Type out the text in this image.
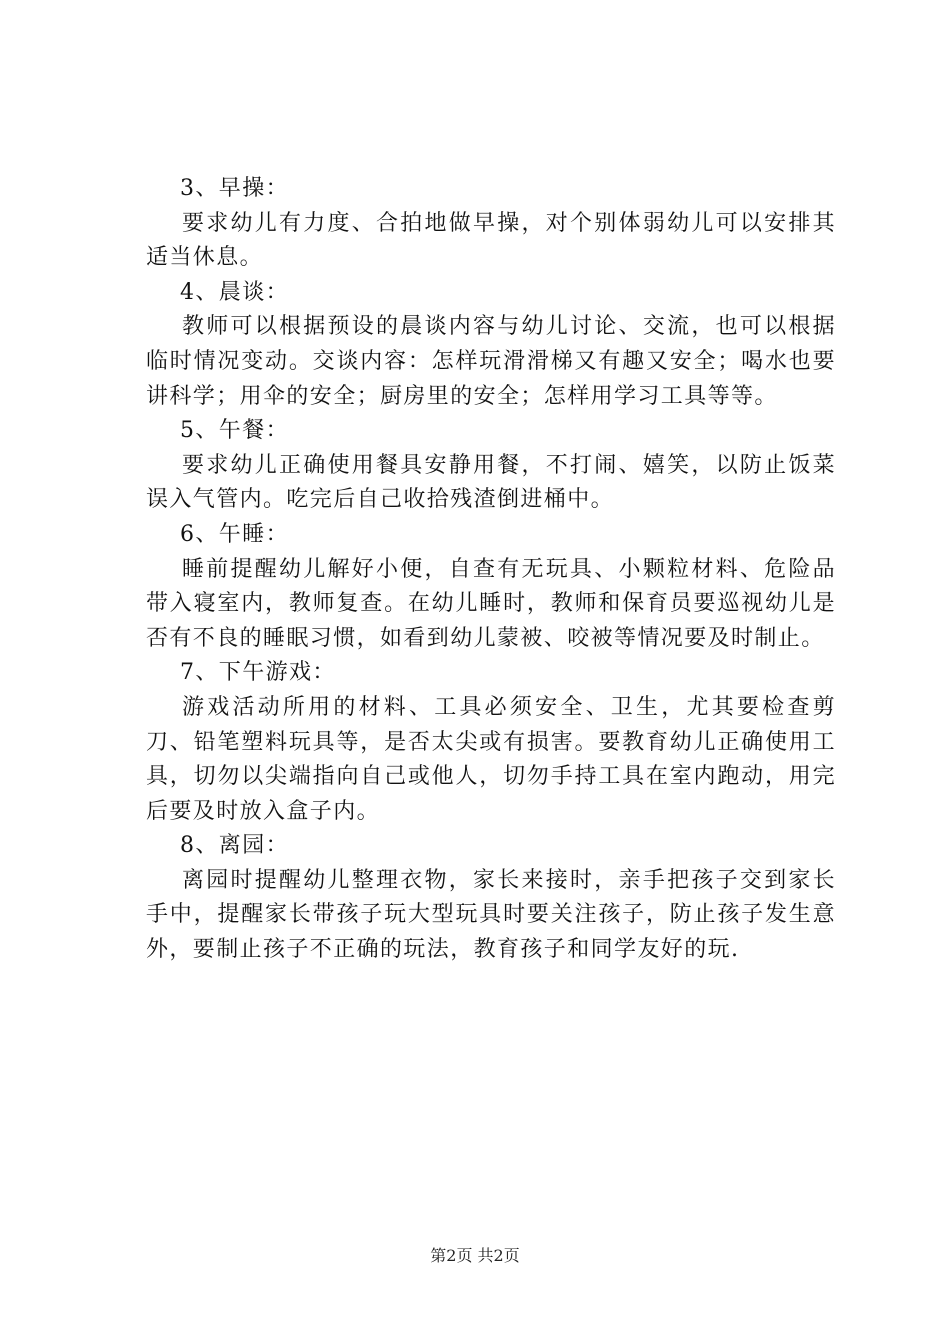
3、早操：

要求幼儿有力度、合拍地做早操，对个别体弱幼儿可以安排其适当休息。

4、晨谈：

教师可以根据预设的晨谈内容与幼儿讨论、交流，也可以根据临时情况变动。交谈内容：怎样玩滑滑梯又有趣又安全；喝水也要讲科学；用伞的安全；厨房里的安全；怎样用学习工具等等。

5、午餐：

要求幼儿正确使用餐具安静用餐，不打闹、嬉笑，以防止饭菜误入气管内。吃完后自己收拾残渣倒进桶中。

6、午睡：

睡前提醒幼儿解好小便，自查有无玩具、小颗粒材料、危险品带入寝室内，教师复查。在幼儿睡时，教师和保育员要巡视幼儿是否有不良的睡眠习惯，如看到幼儿蒙被、咬被等情况要及时制止。

7、下午游戏：

游戏活动所用的材料、工具必须安全、卫生，尤其要检查剪刀、铅笔塑料玩具等，是否太尖或有损害。要教育幼儿正确使用工具，切勿以尖端指向自己或他人，切勿手持工具在室内跑动，用完后要及时放入盒子内。

8、离园：

离园时提醒幼儿整理衣物，家长来接时，亲手把孩子交到家长手中，提醒家长带孩子玩大型玩具时要关注孩子，防止孩子发生意外，要制止孩子不正确的玩法，教育孩子和同学友好的玩.

第2页 共2页
